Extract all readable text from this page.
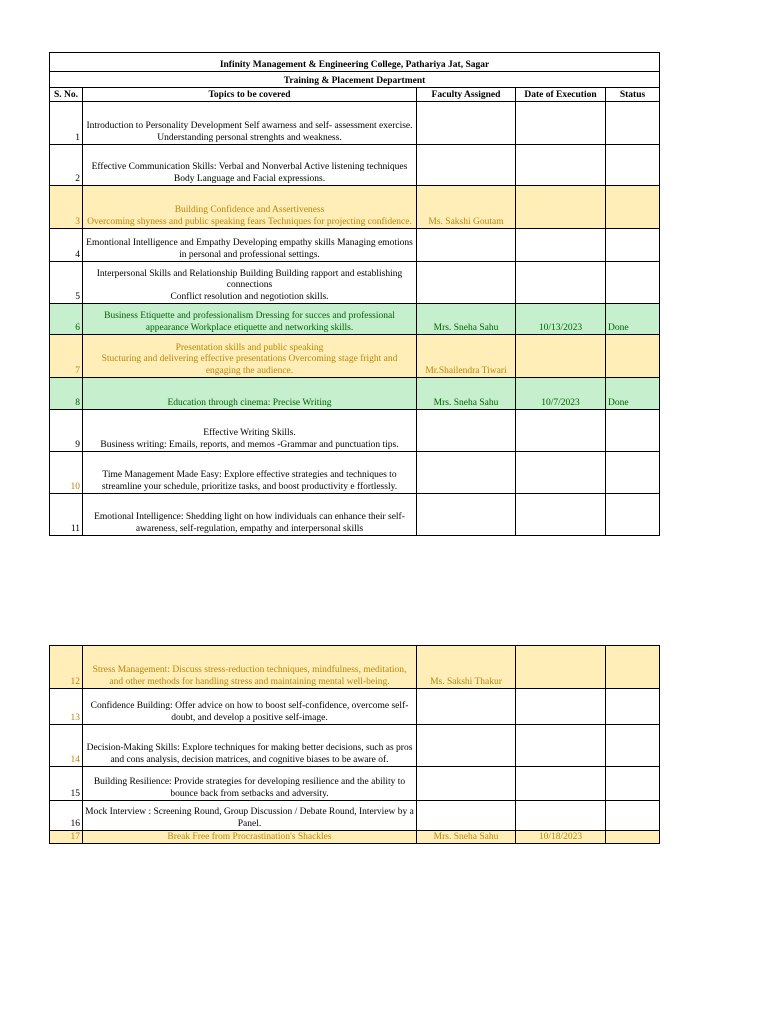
Infinity Management & Engineering College, Pathariya Jat, Sagar				
Training & Placement Department				
S. No.	Topics to be covered	Faculty Assigned	Date of Execution	Status
1	Introduction to Personality Development Self awarness and self- assessment exercise. Understanding personal strenghts and weakness.			
2	Effective Communication Skills: Verbal and Nonverbal Active listening techniques
Body Language and Facial expressions.			
3	Building Confidence and Assertiveness
Overcoming shyness and public speaking fears Techniques for projecting confidence.	Ms. Sakshi Goutam		
4	Emontional Intelligence and Empathy Developing empathy skills Managing emotions in personal and professional settings.			
5	Interpersonal Skills and Relationship Building Building rapport and establishing connections
Conflict resolution and negotiotion skills.			
6	Business Etiquette and professionalism Dressing for succes and professional appearance Workplace etiquette and networking skills.	Mrs. Sneha Sahu	10/13/2023	Done
7	Presentation skills and public speaking
Stucturing and delivering effective presentations Overcoming stage fright and engaging the audience.	Mr.Shailendra Tiwari		
8	Education through cinema: Precise Writing	Mrs. Sneha Sahu	10/7/2023	Done
9	Effective Writing Skills.
Business writing: Emails, reports, and memos -Grammar and punctuation tips.			
10	Time Management Made Easy: Explore effective strategies and techniques to streamline your schedule, prioritize tasks, and boost productivity e ffortlessly.			
11	Emotional Intelligence: Shedding light on how individuals can enhance their self-awareness, self-regulation, empathy and interpersonal skills			
12	Stress Management: Discuss stress-reduction techniques, mindfulness, meditation, and other methods for handling stress and maintaining mental well-being.	Ms. Sakshi Thakur		
13	Confidence Building: Offer advice on how to boost self-confidence, overcome self-doubt, and develop a positive self-image.			
14	Decision-Making Skills: Explore techniques for making better decisions, such as pros and cons analysis, decision matrices, and cognitive biases to be aware of.			
15	Building Resilience: Provide strategies for developing resilience and the ability to bounce back from setbacks and adversity.			
16	Mock Interview : Screening Round, Group Discussion / Debate Round, Interview by a Panel.			
17	Break Free from Procrastination's Shackles	Mrs. Sneha Sahu	10/18/2023	
